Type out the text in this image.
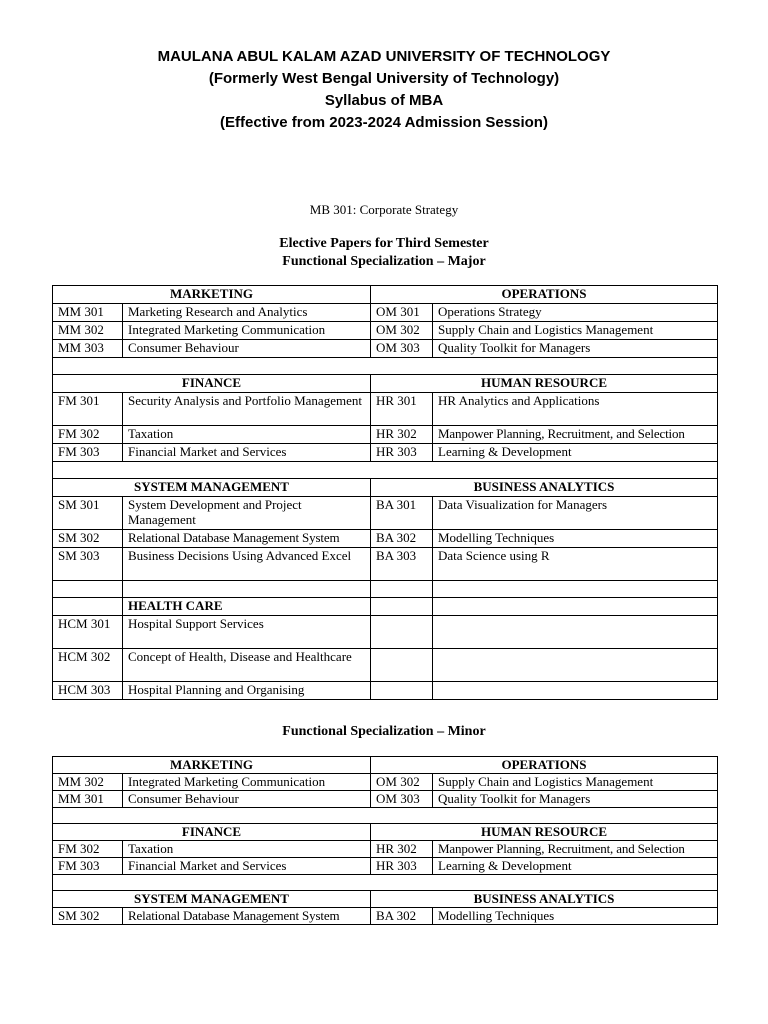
MAULANA ABUL KALAM AZAD UNIVERSITY OF TECHNOLOGY
(Formerly West Bengal University of Technology)
Syllabus of MBA
(Effective from 2023-2024 Admission Session)
MB 301: Corporate Strategy
Elective Papers for Third Semester
Functional Specialization – Major
MARKETING		OPERATIONS	
MM 301	Marketing Research and Analytics	OM 301	Operations Strategy
MM 302	Integrated Marketing Communication	OM 302	Supply Chain and Logistics Management
MM 303	Consumer Behaviour	OM 303	Quality Toolkit for Managers

FINANCE		HUMAN RESOURCE	
FM 301	Security Analysis and Portfolio Management	HR 301	HR Analytics and Applications
FM 302	Taxation	HR 302	Manpower Planning, Recruitment, and Selection
FM 303	Financial Market and Services	HR 303	Learning & Development

SYSTEM MANAGEMENT		BUSINESS ANALYTICS	
SM 301	System Development and Project Management	BA 301	Data Visualization for Managers
SM 302	Relational Database Management System	BA 302	Modelling Techniques
SM 303	Business Decisions Using Advanced Excel	BA 303	Data Science using R

	HEALTH CARE		
HCM 301	Hospital Support Services		
HCM 302	Concept of Health, Disease and Healthcare		
HCM 303	Hospital Planning and Organising		
Functional Specialization – Minor
MARKETING		OPERATIONS	
MM 302	Integrated Marketing Communication	OM 302	Supply Chain and Logistics Management
MM 301	Consumer Behaviour	OM 303	Quality Toolkit for Managers

FINANCE		HUMAN RESOURCE	
FM 302	Taxation	HR 302	Manpower Planning, Recruitment, and Selection
FM 303	Financial Market and Services	HR 303	Learning & Development

SYSTEM MANAGEMENT		BUSINESS ANALYTICS	
SM 302	Relational Database Management System	BA 302	Modelling Techniques
